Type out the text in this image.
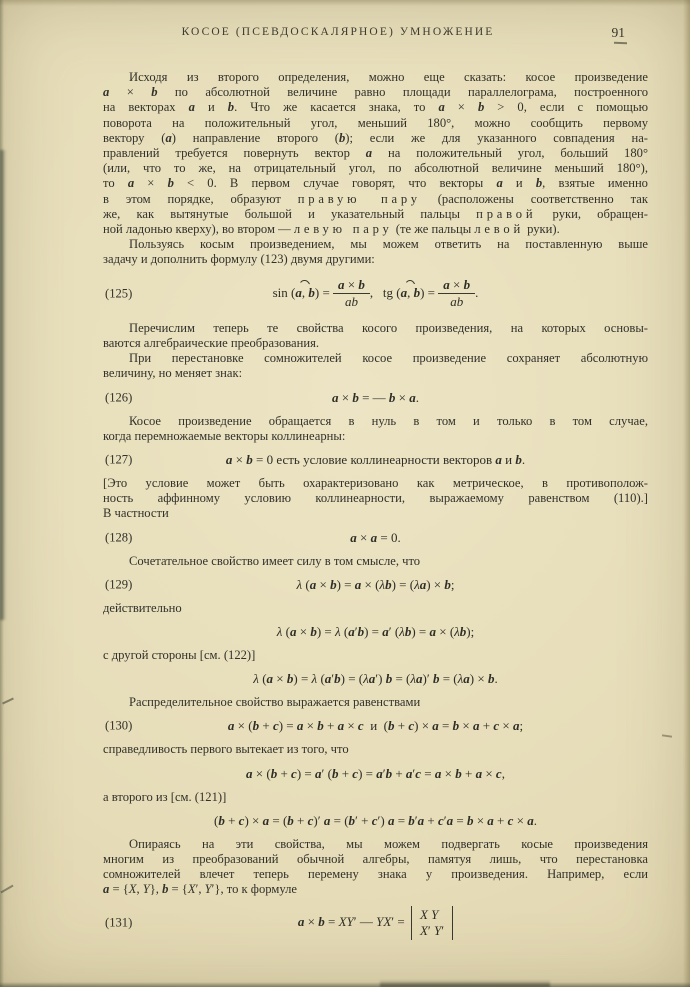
КОСОЕ (ПСЕВДОСКАЛЯРНОЕ) УМНОЖЕНИЕ	91
Исходя из второго определения, можно еще сказать: косое произведение
a × b по абсолютной величине равно площади параллелограма, построенного
на векторах a и b. Что же касается знака, то a × b > 0, если с помощью
поворота на положительный угол, меньший 180°, можно сообщить первому
вектору (a) направление второго (b); если же для указанного совпадения на-
правлений требуется повернуть вектор a на положительный угол, больший 180°
(или, что то же, на отрицательный угол, по абсолютной величине меньший 180°),
то a × b < 0. В первом случае говорят, что векторы a и b, взятые именно
в этом порядке, образуют правую пару (расположены соответственно так
же, как вытянутые большой и указательный пальцы правой руки, обращен-
ной ладонью кверху), во втором — левую пару (те же пальцы левой руки).
Пользуясь косым произведением, мы можем ответить на поставленную выше
задачу и дополнить формулу (123) двумя другими:
(125)	sin (a, $b) = \frac{a \times b}{ab}$ ,   tg (a, $b) = \frac{a \times b}{ab}$ .
Перечислим теперь те свойства косого произведения, на которых основы-
ваются алгебраические преобразования.
При перестановке сомножителей косое произведение сохраняет абсолютную
величину, но меняет знак:
(126)	a × b = — b × a.
Косое произведение обращается в нуль в том и только в том случае,
когда перемножаемые векторы коллинеарны:
(127)	a × b = 0 есть условие коллинеарности векторов a и b.
[Это условие может быть охарактеризовано как метрическое, в противополож-
ность аффинному условию коллинеарности, выражаемому равенством (110).]
В частности
(128)	a × a = 0.
Сочетательное свойство имеет силу в том смысле, что
(129)	λ (a × b) = a × (λb) = (λa) × b;
действительно
λ (a × b) = λ (a′b) = a′ (λb) = a × (λb);
с другой стороны [см. (122)]
λ (a × b) = λ (a′b) = (λa′) b = (λa)′ b = (λa) × b.
Распределительное свойство выражается равенствами
(130)	a × (b + c) = a × b + a × c  и  (b + c) × a = b × a + c × a;
справедливость первого вытекает из того, что
a × (b + c) = a′ (b + c) = a′b + a′c = a × b + a × c,
а второго из [см. (121)]
(b + c) × a = (b + c)′ a = (b′ + c′) a = b′a + c′a = b × a + c × a.
Опираясь на эти свойства, мы можем подвергать косые произведения
многим из преобразований обычной алгебры, памятуя лишь, что перестановка
сомножителей влечет теперь перемену знака у произведения. Например, если
a = {X, Y}, b = {X′, Y′}, то к формуле
(131)	a × b = XY′ — YX′ = X Y
X′ Y′
